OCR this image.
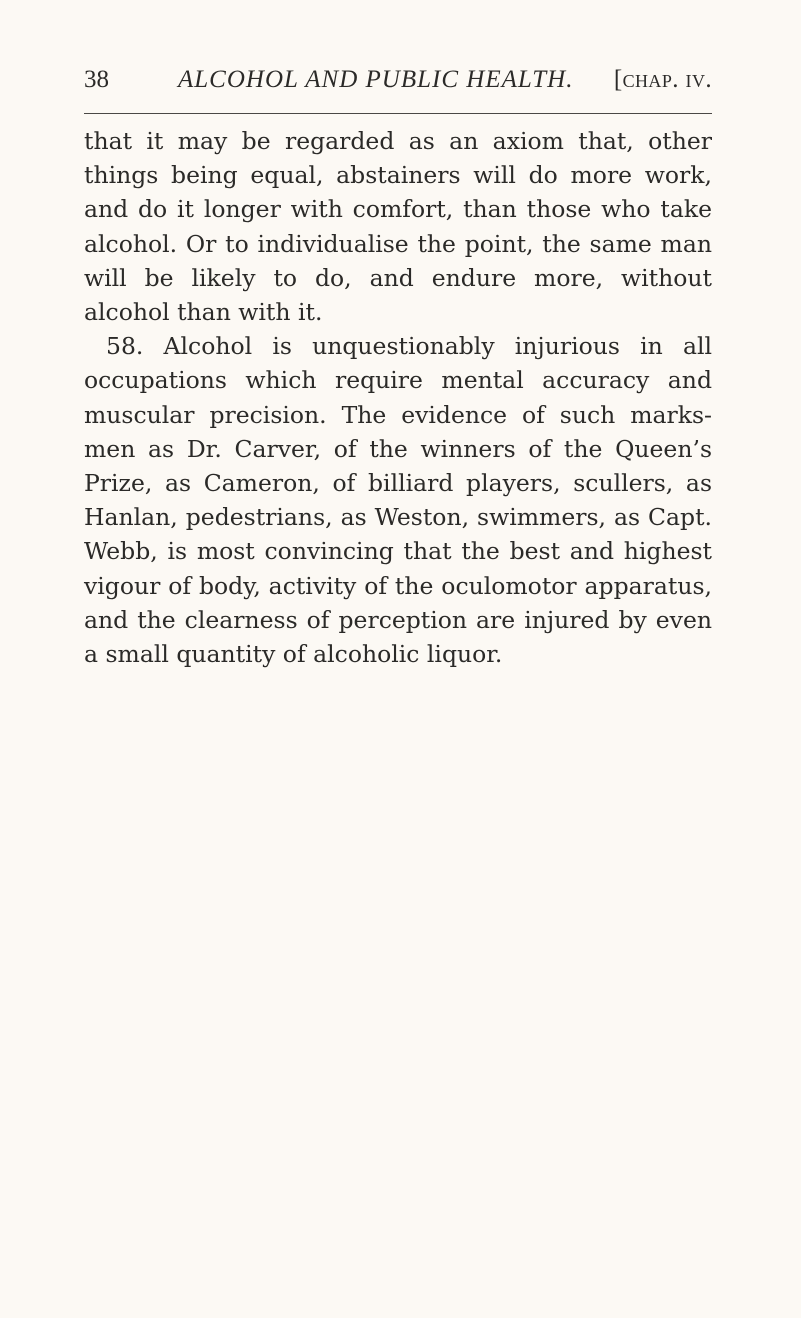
38	ALCOHOL AND PUBLIC HEALTH. [chap. iv.

that it may be regarded as an axiom that, other things being equal, abstainers will do more work, and do it longer with comfort, than those who take alcohol. Or to individualise the point, the same man will be likely to do, and endure more, without alcohol than with it.

58. Alcohol is unquestionably injurious in all occupations which require mental accuracy and muscular precision. The evidence of such marks-men as Dr. Carver, of the winners of the Queen’s Prize, as Cameron, of billiard players, scullers, as Hanlan, pedestrians, as Weston, swimmers, as Capt. Webb, is most convincing that the best and highest vigour of body, activity of the oculomotor apparatus, and the clearness of perception are injured by even a small quantity of alcoholic liquor.
